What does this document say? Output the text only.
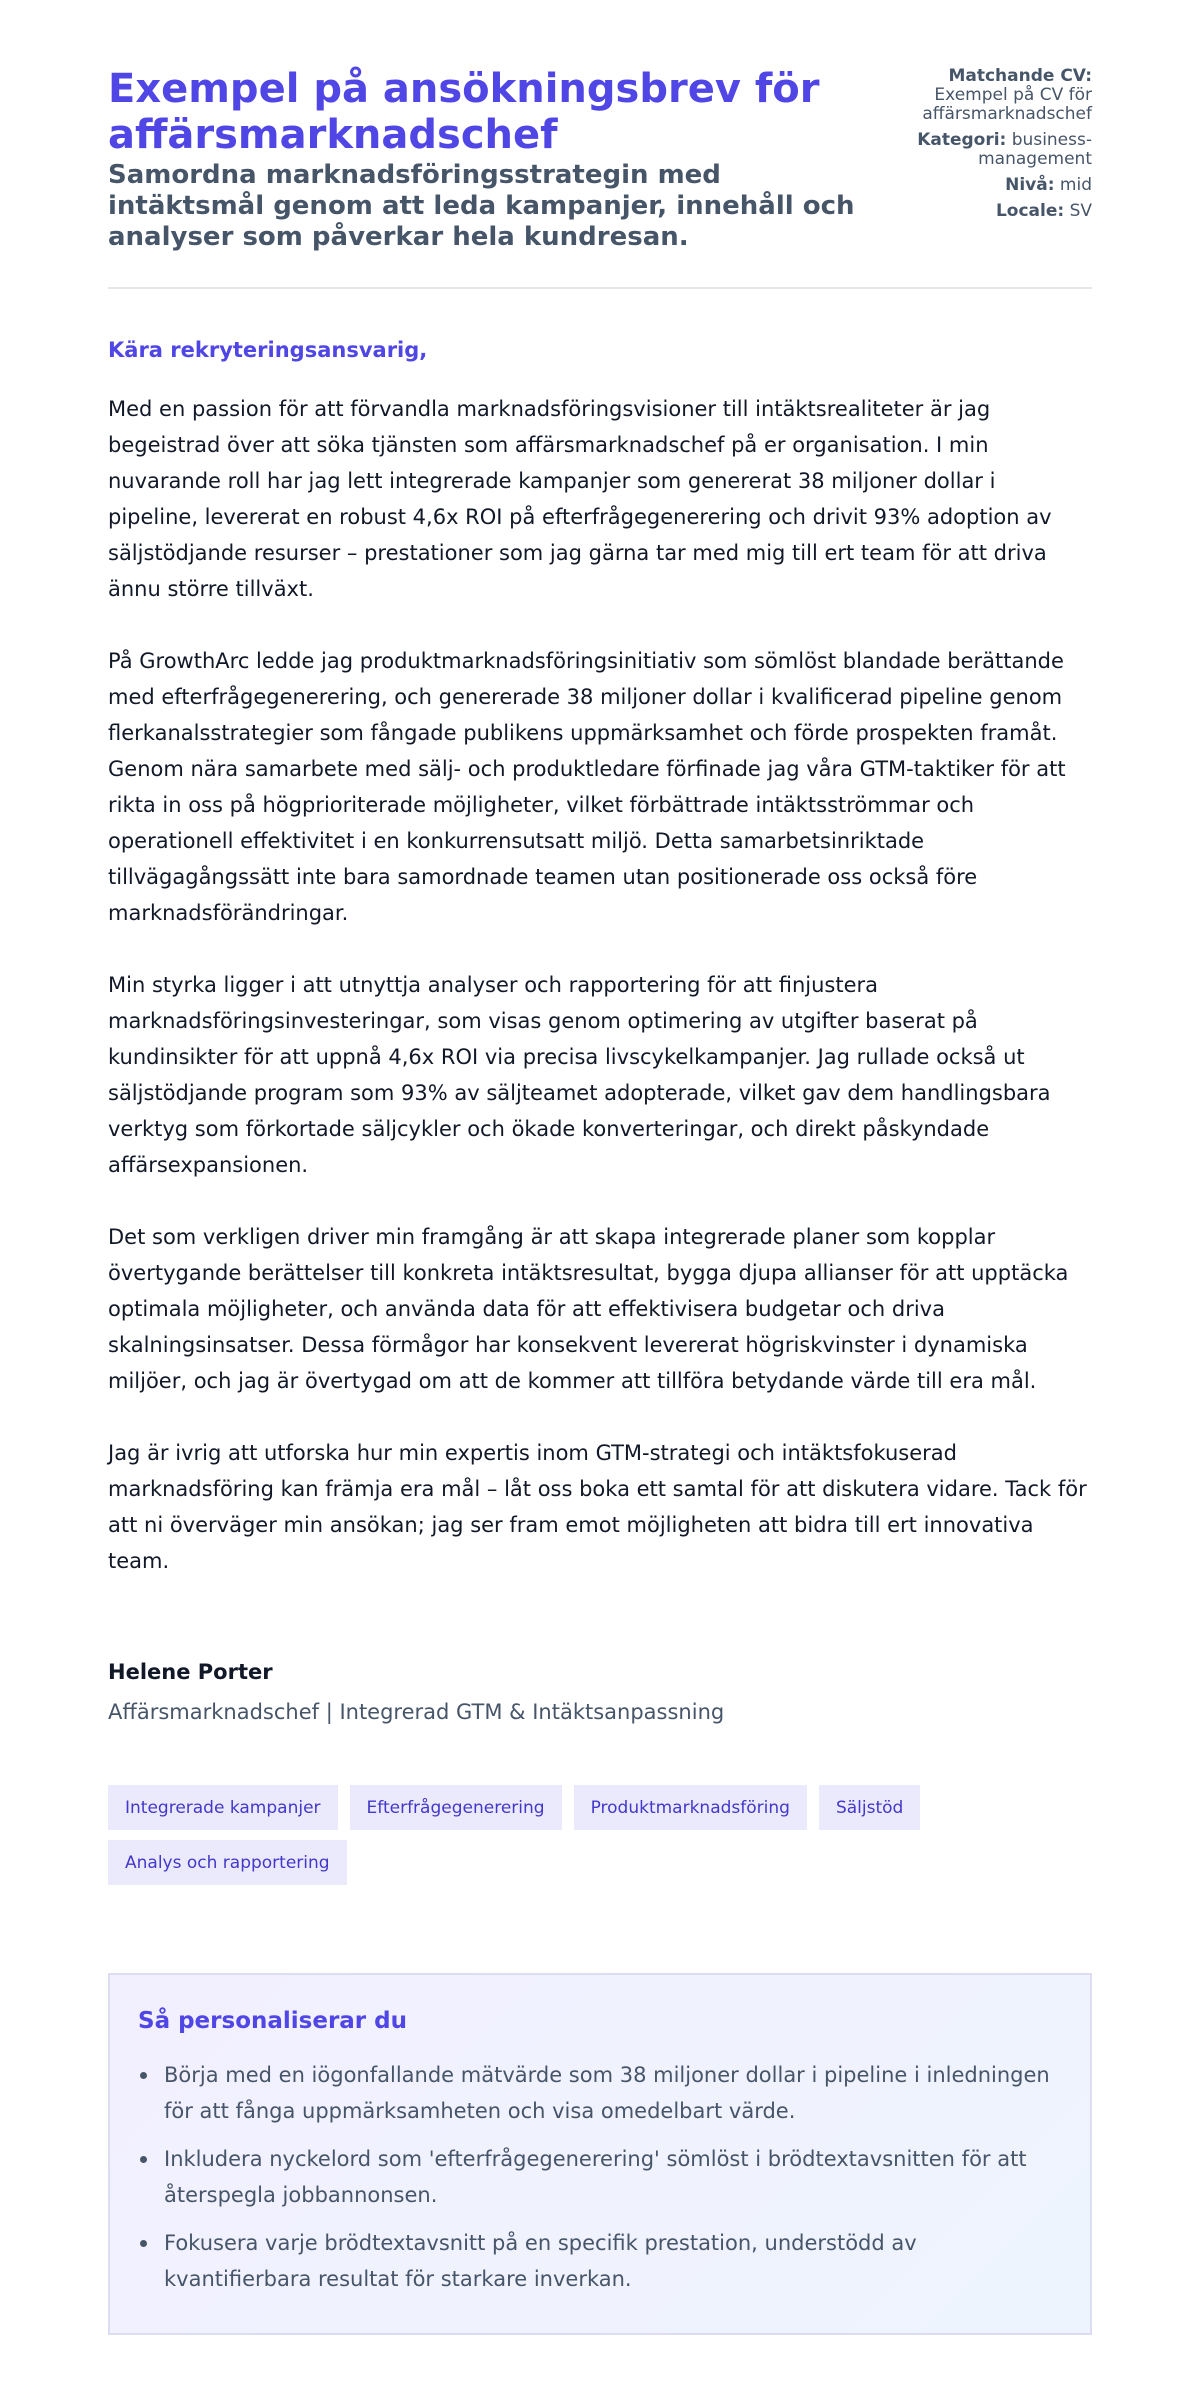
Exempel på ansökningsbrev för affärsmarknadschef
Samordna marknadsföringsstrategin med intäktsmål genom att leda kampanjer, innehåll och analyser som påverkar hela kundresan.
Matchande CV:
Exempel på CV för affärsmarknadschef
Kategori: business-management
Nivå: mid
Locale: SV

Kära rekryteringsansvarig,

Med en passion för att förvandla marknadsföringsvisioner till intäktsrealiteter är jag begeistrad över att söka tjänsten som affärsmarknadschef på er organisation. I min nuvarande roll har jag lett integrerade kampanjer som genererat 38 miljoner dollar i pipeline, levererat en robust 4,6x ROI på efterfrågegenerering och drivit 93% adoption av säljstödjande resurser – prestationer som jag gärna tar med mig till ert team för att driva ännu större tillväxt.

På GrowthArc ledde jag produktmarknadsföringsinitiativ som sömlöst blandade berättande med efterfrågegenerering, och genererade 38 miljoner dollar i kvalificerad pipeline genom flerkanalsstrategier som fångade publikens uppmärksamhet och förde prospekten framåt. Genom nära samarbete med sälj- och produktledare förfinade jag våra GTM-taktiker för att rikta in oss på högprioriterade möjligheter, vilket förbättrade intäktsströmmar och operationell effektivitet i en konkurrensutsatt miljö. Detta samarbetsinriktade tillvägagångssätt inte bara samordnade teamen utan positionerade oss också före marknadsförändringar.

Min styrka ligger i att utnyttja analyser och rapportering för att finjustera marknadsföringsinvesteringar, som visas genom optimering av utgifter baserat på kundinsikter för att uppnå 4,6x ROI via precisa livscykelkampanjer. Jag rullade också ut säljstödjande program som 93% av säljteamet adopterade, vilket gav dem handlingsbara verktyg som förkortade säljcykler och ökade konverteringar, och direkt påskyndade affärsexpansionen.

Det som verkligen driver min framgång är att skapa integrerade planer som kopplar övertygande berättelser till konkreta intäktsresultat, bygga djupa allianser för att upptäcka optimala möjligheter, och använda data för att effektivisera budgetar och driva skalningsinsatser. Dessa förmågor har konsekvent levererat högriskvinster i dynamiska miljöer, och jag är övertygad om att de kommer att tillföra betydande värde till era mål.

Jag är ivrig att utforska hur min expertis inom GTM-strategi och intäktsfokuserad marknadsföring kan främja era mål – låt oss boka ett samtal för att diskutera vidare. Tack för att ni överväger min ansökan; jag ser fram emot möjligheten att bidra till ert innovativa team.

Helene Porter

Affärsmarknadschef | Integrerad GTM & Intäktsanpassning

Integrerade kampanjer	Efterfrågegenerering	Produktmarknadsföring	Säljstöd
Analys och rapportering
Så personaliserar du
Börja med en iögonfallande mätvärde som 38 miljoner dollar i pipeline i inledningen för att fånga uppmärksamheten och visa omedelbart värde.
Inkludera nyckelord som 'efterfrågegenerering' sömlöst i brödtextavsnitten för att återspegla jobbannonsen.
Fokusera varje brödtextavsnitt på en specifik prestation, understödd av kvantifierbara resultat för starkare inverkan.
